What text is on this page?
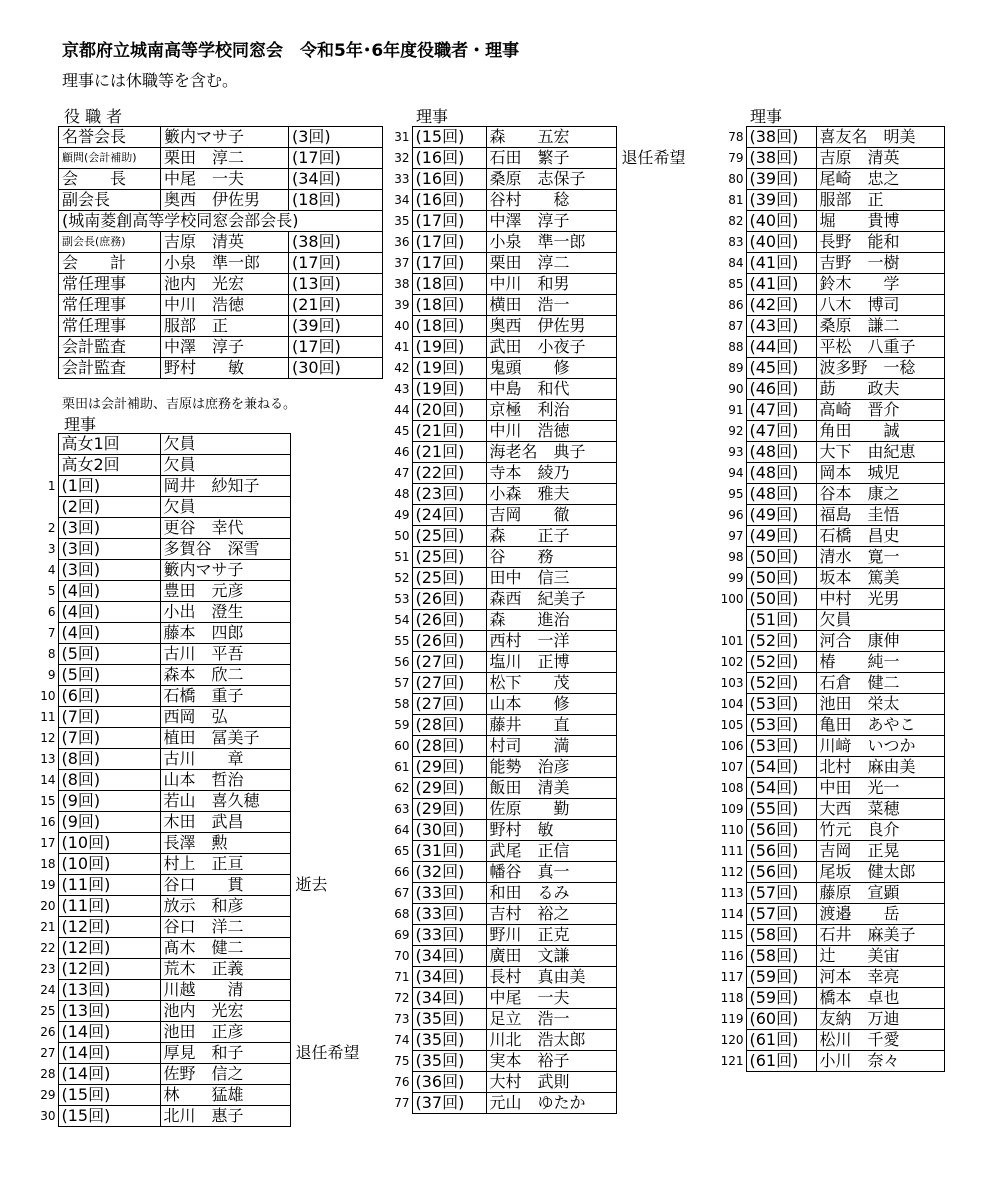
京都府立城南高等学校同窓会　令和5年･6年度役職者・理事
理事には休職等を含む。
役 職 者
名誉会長	籔内マサ子	(3回)
顧問(会計補助)	栗田　淳二	(17回)
会　　長	中尾　一夫	(34回)
副会長	奥西　伊佐男	(18回)
(城南菱創高等学校同窓会部会長)		
副会長(庶務)	吉原　清英	(38回)
会　　計	小泉　準一郎	(17回)
常任理事	池内　光宏	(13回)
常任理事	中川　浩徳	(21回)
常任理事	服部　正	(39回)
会計監査	中澤　淳子	(17回)
会計監査	野村　　敏	(30回)
栗田は会計補助、吉原は庶務を兼ねる。
理事
	高女1回	欠員	
	高女2回	欠員	
1	(1回)	岡井　紗知子	
	(2回)	欠員	
2	(3回)	更谷　幸代	
3	(3回)	多賀谷　深雪	
4	(3回)	籔内マサ子	
5	(4回)	豊田　元彦	
6	(4回)	小出　澄生	
7	(4回)	藤本　四郎	
8	(5回)	古川　平吾	
9	(5回)	森本　欣二	
10	(6回)	石橋　重子	
11	(7回)	西岡　弘	
12	(7回)	植田　冨美子	
13	(8回)	古川　　章	
14	(8回)	山本　哲治	
15	(9回)	若山　喜久穂	
16	(9回)	木田　武昌	
17	(10回)	長澤　勲	
18	(10回)	村上　正亘	
19	(11回)	谷口　　貫	逝去
20	(11回)	放示　和彦	
21	(12回)	谷口　洋二	
22	(12回)	髙木　健二	
23	(12回)	荒木　正義	
24	(13回)	川越　　清	
25	(13回)	池内　光宏	
26	(14回)	池田　正彦	
27	(14回)	厚見　和子	退任希望
28	(14回)	佐野　信之	
29	(15回)	林　　猛雄	
30	(15回)	北川　惠子	
理事
31	(15回)	森　　五宏	
32	(16回)	石田　繁子	退任希望
33	(16回)	桑原　志保子	
34	(16回)	谷村　　稔	
35	(17回)	中澤　淳子	
36	(17回)	小泉　準一郎	
37	(17回)	栗田　淳二	
38	(18回)	中川　和男	
39	(18回)	横田　浩一	
40	(18回)	奥西　伊佐男	
41	(19回)	武田　小夜子	
42	(19回)	鬼頭　　修	
43	(19回)	中島　和代	
44	(20回)	京極　利治	
45	(21回)	中川　浩徳	
46	(21回)	海老名　典子	
47	(22回)	寺本　綾乃	
48	(23回)	小森　雅夫	
49	(24回)	吉岡　　徹	
50	(25回)	森　　正子	
51	(25回)	谷　　務	
52	(25回)	田中　信三	
53	(26回)	森西　紀美子	
54	(26回)	森　　進治	
55	(26回)	西村　一洋	
56	(27回)	塩川　正博	
57	(27回)	松下　　茂	
58	(27回)	山本　　修	
59	(28回)	藤井　　直	
60	(28回)	村司　　満	
61	(29回)	能勢　治彦	
62	(29回)	飯田　清美	
63	(29回)	佐原　　勤	
64	(30回)	野村　敏	
65	(31回)	武尾　正信	
66	(32回)	幡谷　真一	
67	(33回)	和田　るみ	
68	(33回)	吉村　裕之	
69	(33回)	野川　正克	
70	(34回)	廣田　文謙	
71	(34回)	長村　真由美	
72	(34回)	中尾　一夫	
73	(35回)	足立　浩一	
74	(35回)	川北　浩太郎	
75	(35回)	実本　裕子	
76	(36回)	大村　武則	
77	(37回)	元山　ゆたか	
理事
78	(38回)	喜友名　明美
79	(38回)	吉原　清英
80	(39回)	尾崎　忠之
81	(39回)	服部　正
82	(40回)	堀　　貴博
83	(40回)	長野　能和
84	(41回)	吉野　一樹
85	(41回)	鈴木　　学
86	(42回)	八木　博司
87	(43回)	桑原　謙二
88	(44回)	平松　八重子
89	(45回)	波多野　一稔
90	(46回)	莇　　政夫
91	(47回)	高崎　晋介
92	(47回)	角田　　誠
93	(48回)	大下　由紀恵
94	(48回)	岡本　城児
95	(48回)	谷本　康之
96	(49回)	福島　圭悟
97	(49回)	石橋　昌史
98	(50回)	清水　寛一
99	(50回)	坂本　篤美
100	(50回)	中村　光男
	(51回)	欠員
101	(52回)	河合　康伸
102	(52回)	椿　　純一
103	(52回)	石倉　健二
104	(53回)	池田　栄太
105	(53回)	亀田　あやこ
106	(53回)	川﨑　いつか
107	(54回)	北村　麻由美
108	(54回)	中田　光一
109	(55回)	大西　菜穂
110	(56回)	竹元　良介
111	(56回)	吉岡　正晃
112	(56回)	尾坂　健太郎
113	(57回)	藤原　宣顕
114	(57回)	渡邉　　岳
115	(58回)	石井　麻美子
116	(58回)	辻　　美宙
117	(59回)	河本　幸亮
118	(59回)	橋本　卓也
119	(60回)	友納　万迪
120	(61回)	松川　千愛
121	(61回)	小川　奈々
